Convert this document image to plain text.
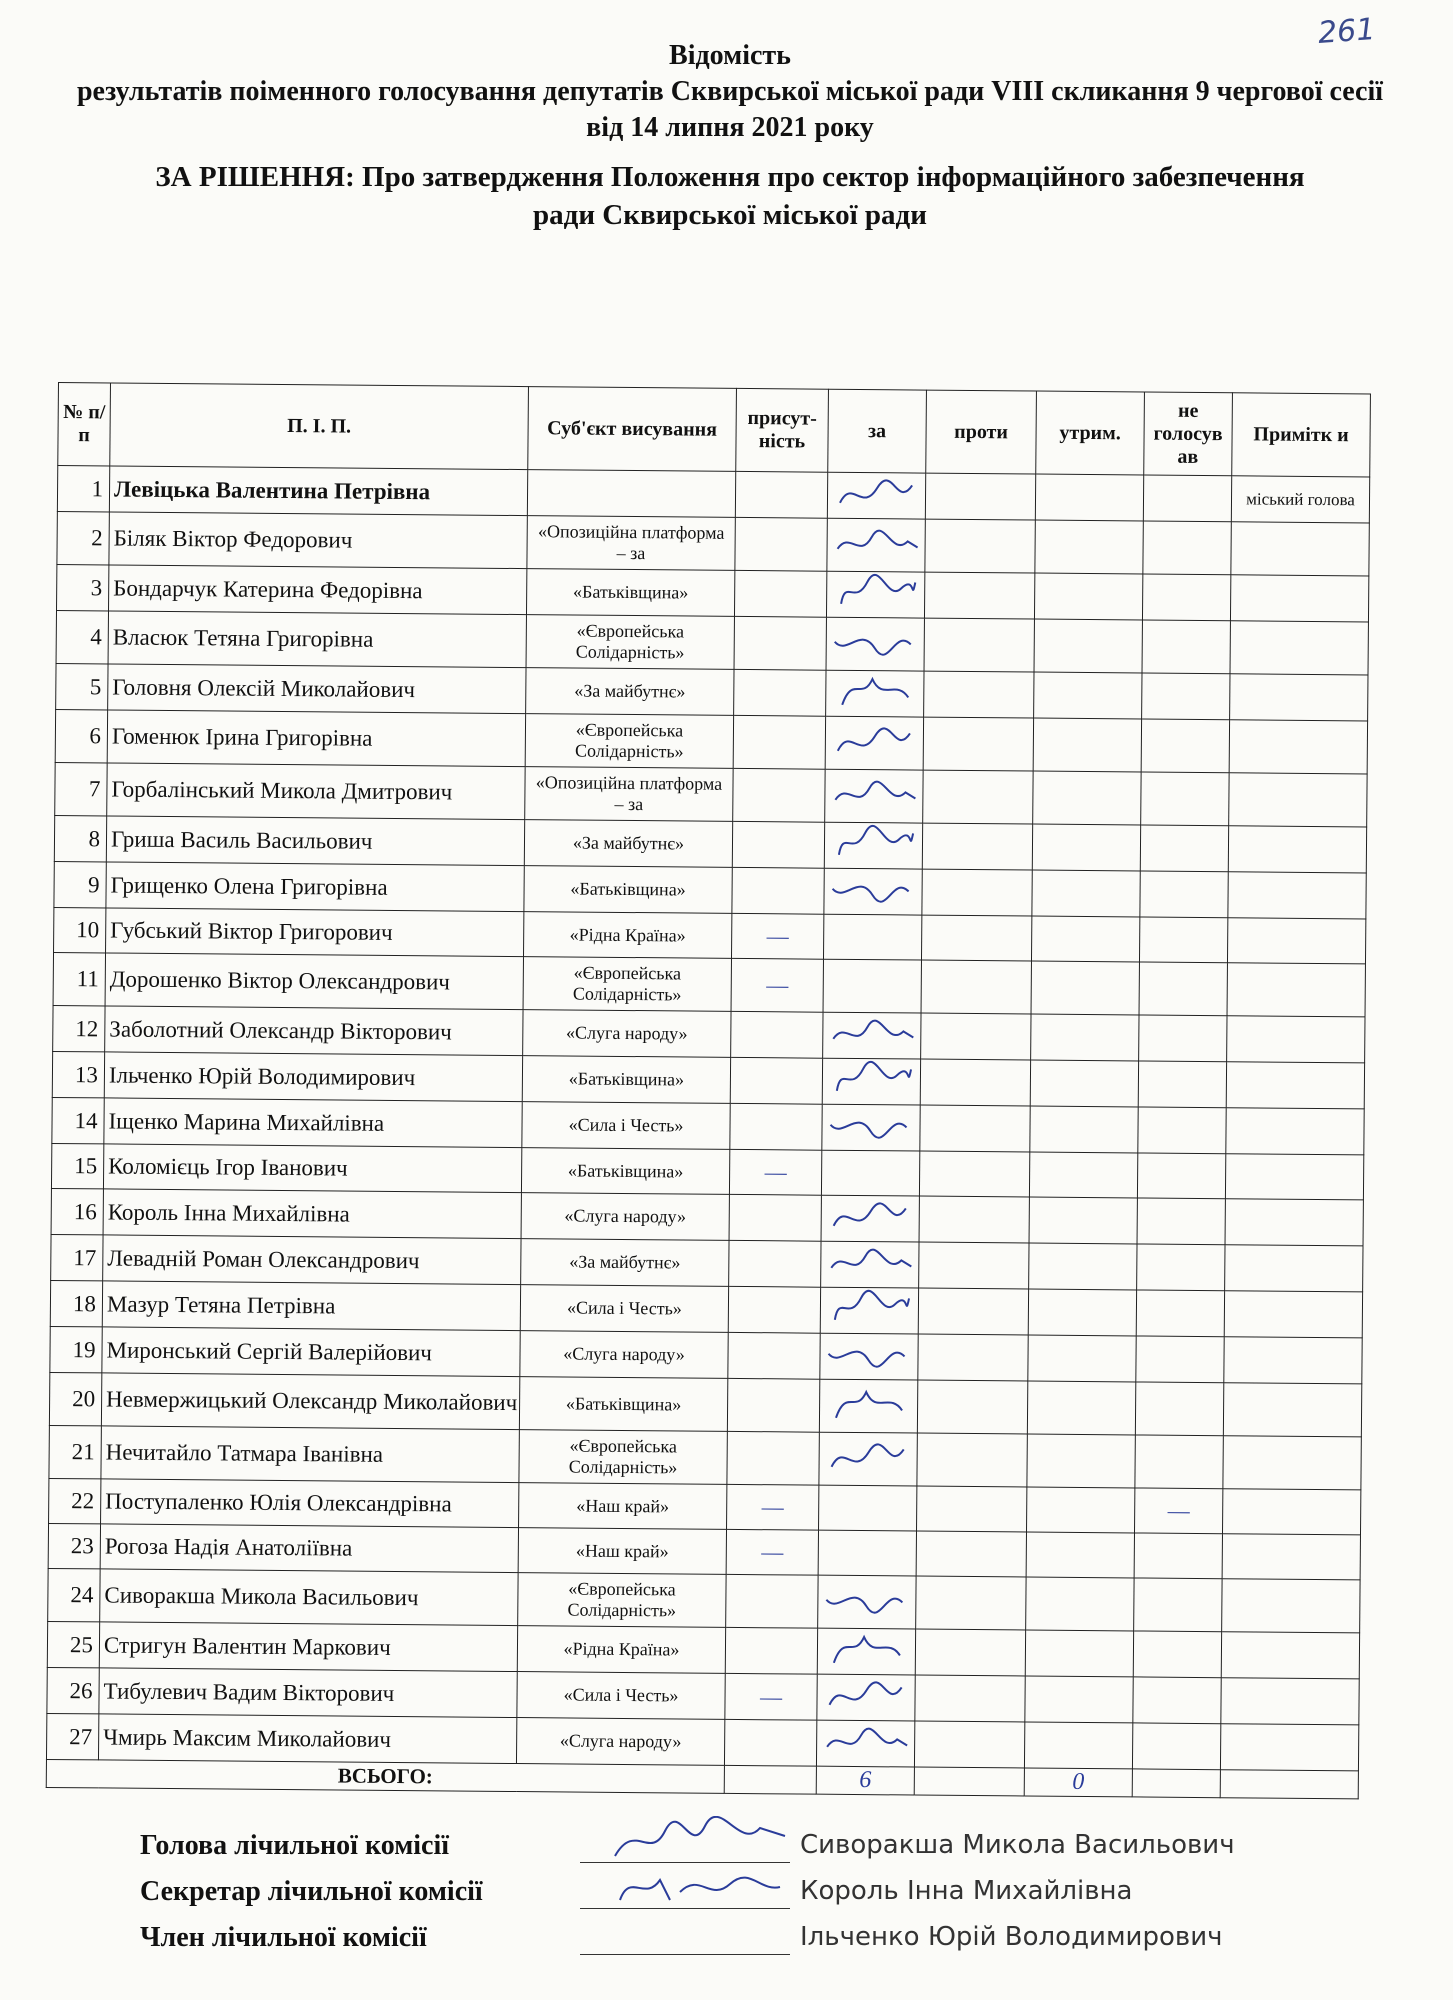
261
Відомість
результатів поіменного голосування депутатів Сквирської міської ради VIII скликання 9 чергової сесії від 14 липня 2021 року
ЗА РІШЕННЯ: Про затвердження Положення про сектор інформаційного забезпечення
ради Сквирської міської ради
№ п/п	П. І. П.	Суб'єкт висування	присут-ність	за	проти	утрим.	не голосув ав	Примітк и
1	Левіцька Валентина Петрівна							міський голова
2	Біляк Віктор Федорович	«Опозиційна платформа – за						
3	Бондарчук Катерина Федорівна	«Батьківщина»						
4	Власюк Тетяна Григорівна	«Європейська Солідарність»						
5	Головня Олексій Миколайович	«За майбутнє»						
6	Гоменюк Ірина Григорівна	«Європейська Солідарність»						
7	Горбалінський Микола Дмитрович	«Опозиційна платформа – за						
8	Гриша Василь Васильович	«За майбутнє»						
9	Грищенко Олена Григорівна	«Батьківщина»						
10	Губський Віктор Григорович	«Рідна Країна»	—					
11	Дорошенко Віктор Олександрович	«Європейська Солідарність»	—					
12	Заболотний Олександр Вікторович	«Слуга народу»						
13	Ільченко Юрій Володимирович	«Батьківщина»						
14	Іщенко Марина Михайлівна	«Сила і Честь»						
15	Коломієць Ігор Іванович	«Батьківщина»	—					
16	Король Інна Михайлівна	«Слуга народу»						
17	Левадній Роман Олександрович	«За майбутнє»						
18	Мазур Тетяна Петрівна	«Сила і Честь»						
19	Миронський Сергій Валерійович	«Слуга народу»						
20	Невмержицький Олександр Миколайович	«Батьківщина»						
21	Нечитайло Татмара Іванівна	«Європейська Солідарність»						
22	Поступаленко Юлія Олександрівна	«Наш край»	—				—	
23	Рогоза Надія Анатоліївна	«Наш край»	—					
24	Сиворакша Микола Васильович	«Європейська Солідарність»						
25	Стригун Валентин Маркович	«Рідна Країна»						
26	Тибулевич Вадим Вікторович	«Сила і Честь»	—					
27	Чмирь Максим Миколайович	«Слуга народу»						
ВСЬОГО:				6		0		
Голова лічильної комісії	Сиворакша Микола Васильович
Секретар лічильної комісії	Король Інна Михайлівна
Член лічильної комісії	Ільченко Юрій Володимирович
